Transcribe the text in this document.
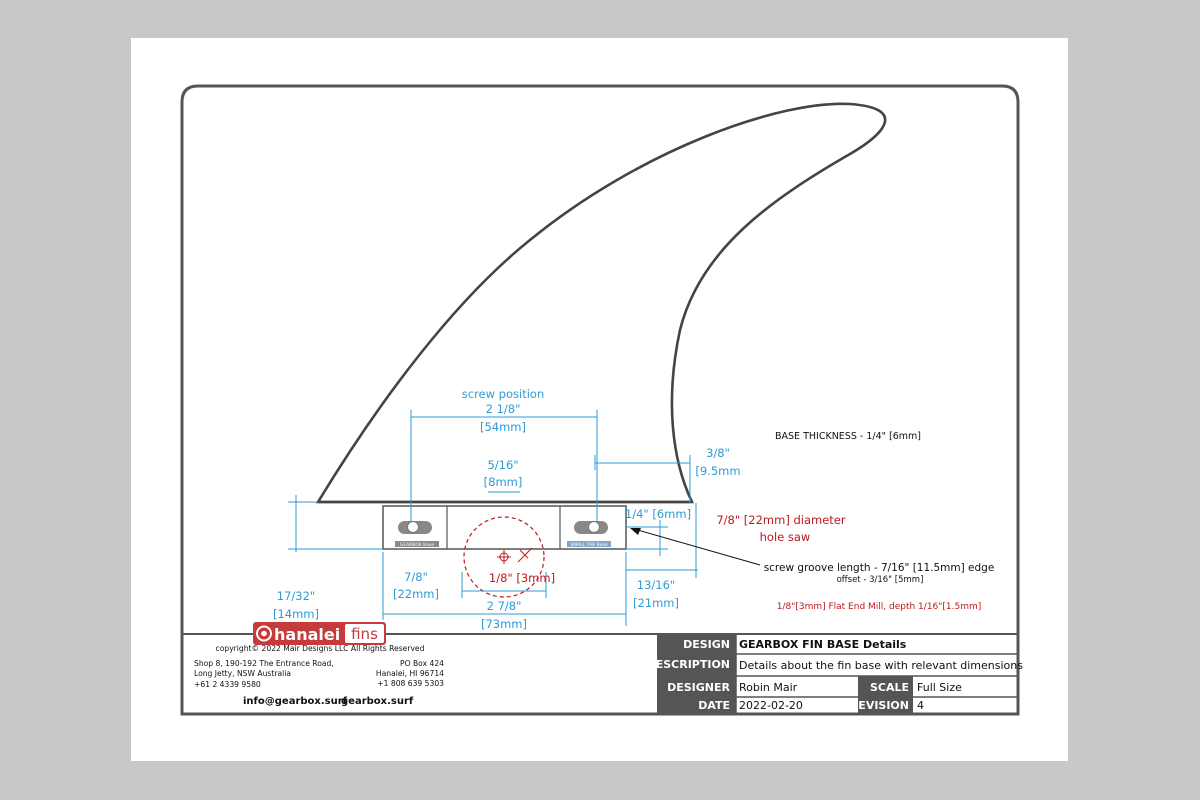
GEARBOX Base	SMALL TAB Base
screw position
2 1/8"
[54mm]
5/16"
[8mm]
3/8"
[9.5mm
1/4" [6mm]
17/32"
[14mm]
7/8"
[22mm]
1/8" [3mm]
2 7/8"
[73mm]
13/16"
[21mm]
BASE THICKNESS - 1/4" [6mm]
7/8" [22mm] diameter
hole saw
screw groove length - 7/16" [11.5mm] edge
offset - 3/16" [5mm]
1/8"[3mm] Flat End Mill, depth 1/16"[1.5mm]
hanalei fins
copyright© 2022 Mair Designs LLC All Rights Reserved
Shop 8, 190-192 The Entrance Road,
Long Jetty, NSW Australia
+61 2 4339 9580
PO Box 424
Hanalei, HI 96714
+1 808 639 5303
info@gearbox.surf
gearbox.surf
DESIGN GEARBOX FIN BASE Details
DESCRIPTION Details about the fin base with relevant dimensions
DESIGNER Robin Mair	SCALE Full Size
DATE 2022-02-20	REVISION 4
